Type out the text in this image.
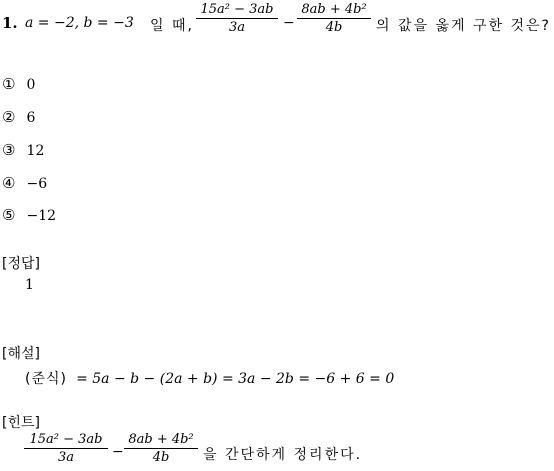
1. a = −2, b = −3 일 때,
15a² − 3ab
3a	−
8ab + 4b²
4b	의 값을 옳게 구한 것은?
① 0
② 6
③ 12
④ −6
⑤ −12
[정답]
1
[해설]
(준식) = 5a − b − (2a + b) = 3a − 2b = −6 + 6 = 0
[힌트]
15a² − 3ab
3a	−
8ab + 4b²
4b	을 간단하게 정리한다.
